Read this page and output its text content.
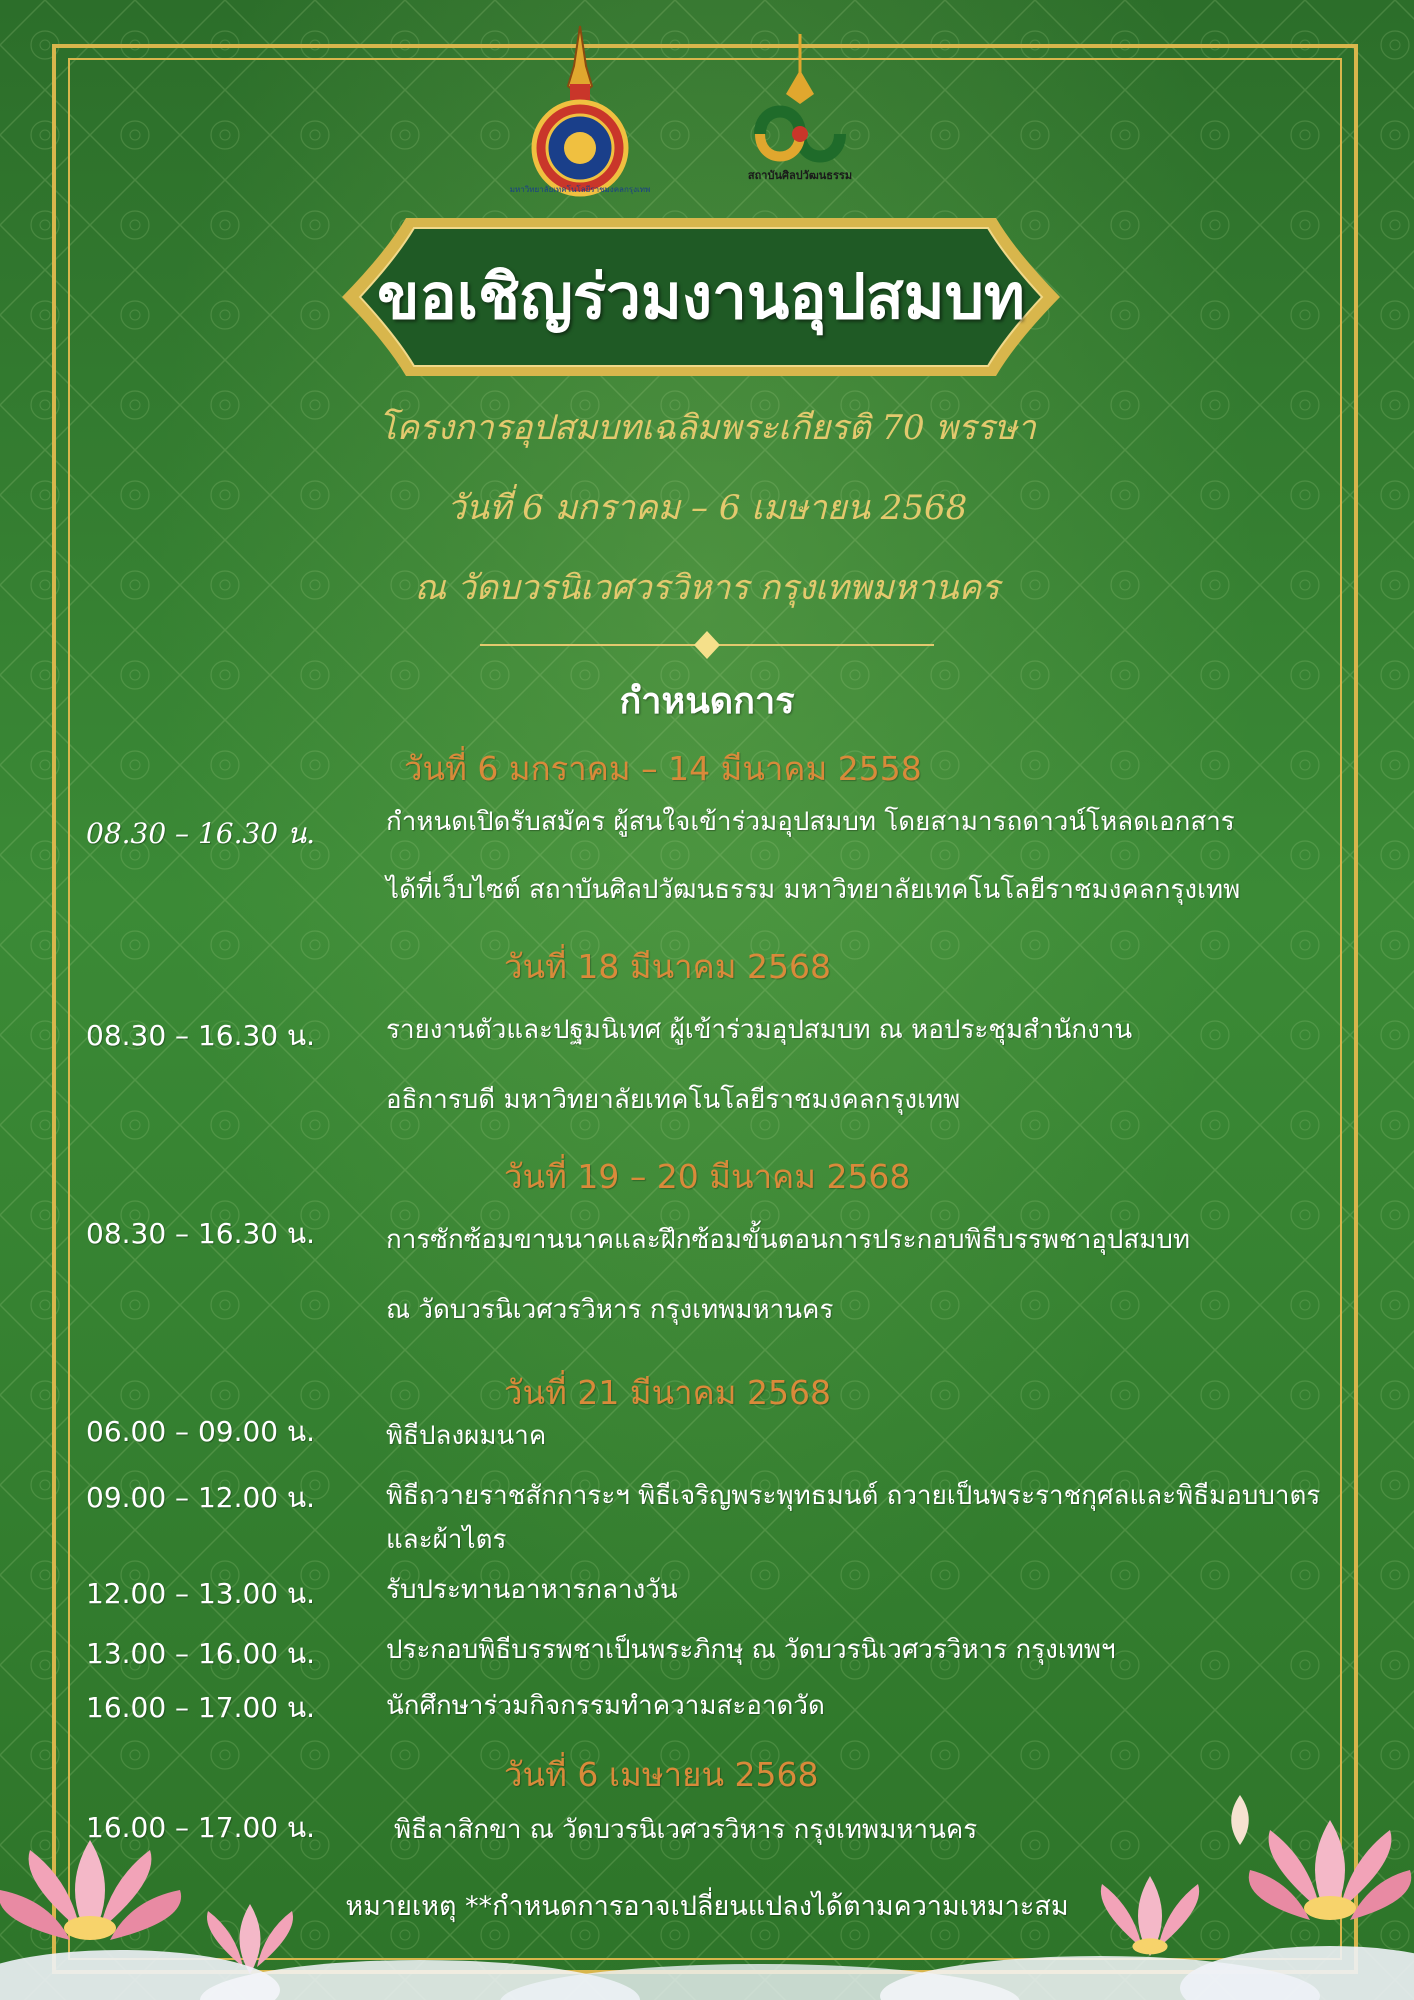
มหาวิทยาลัยเทคโนโลยีราชมงคลกรุงเทพ
สถาบันศิลปวัฒนธรรม
ขอเชิญร่วมงานอุปสมบท
โครงการอุปสมบทเฉลิมพระเกียรติ 70 พรรษา
วันที่ 6 มกราคม – 6 เมษายน 2568
ณ วัดบวรนิเวศวรวิหาร กรุงเทพมหานคร
กำหนดการ
วันที่ 6 มกราคม – 14 มีนาคม 2558
08.30 – 16.30 น.	กำหนดเปิดรับสมัคร ผู้สนใจเข้าร่วมอุปสมบท โดยสามารถดาวน์โหลดเอกสาร
ได้ที่เว็บไซต์ สถาบันศิลปวัฒนธรรม มหาวิทยาลัยเทคโนโลยีราชมงคลกรุงเทพ
วันที่ 18 มีนาคม 2568
08.30 – 16.30 น.	รายงานตัวและปฐมนิเทศ ผู้เข้าร่วมอุปสมบท ณ หอประชุมสำนักงาน
อธิการบดี มหาวิทยาลัยเทคโนโลยีราชมงคลกรุงเทพ
วันที่ 19 – 20 มีนาคม 2568
08.30 – 16.30 น.	การซักซ้อมขานนาคและฝึกซ้อมขั้นตอนการประกอบพิธีบรรพชาอุปสมบท
ณ วัดบวรนิเวศวรวิหาร กรุงเทพมหานคร
วันที่ 21 มีนาคม 2568
06.00 – 09.00 น.	พิธีปลงผมนาค
09.00 – 12.00 น.	พิธีถวายราชสักการะฯ พิธีเจริญพระพุทธมนต์ ถวายเป็นพระราชกุศลและพิธีมอบบาตร
และผ้าไตร
12.00 – 13.00 น.	รับประทานอาหารกลางวัน
13.00 – 16.00 น.	ประกอบพิธีบรรพชาเป็นพระภิกษุ ณ วัดบวรนิเวศวรวิหาร กรุงเทพฯ
16.00 – 17.00 น.	นักศึกษาร่วมกิจกรรมทำความสะอาดวัด
วันที่ 6 เมษายน 2568
16.00 – 17.00 น.	พิธีลาสิกขา ณ วัดบวรนิเวศวรวิหาร กรุงเทพมหานคร
หมายเหตุ **กำหนดการอาจเปลี่ยนแปลงได้ตามความเหมาะสม
